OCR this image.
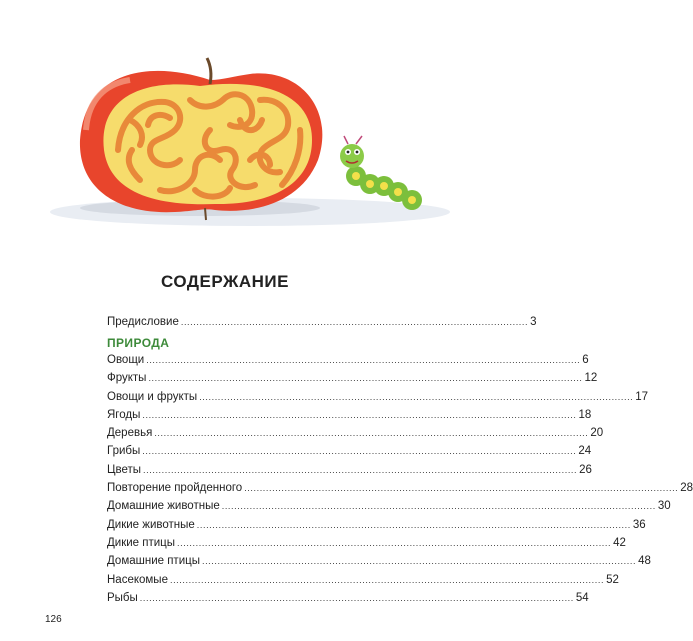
СОДЕРЖАНИЕ
Предисловие ................................................................................................................ 3
ПРИРОДА
Овощи ............................................................................................................................................ 6
Фрукты ............................................................................................................................................ 12
Овощи и фрукты ............................................................................................................................................ 17
Ягоды ............................................................................................................................................ 18
Деревья ............................................................................................................................................ 20
Грибы ............................................................................................................................................ 24
Цветы ............................................................................................................................................ 26
Повторение пройденного ............................................................................................................................................ 28
Домашние животные ............................................................................................................................................ 30
Дикие животные ............................................................................................................................................ 36
Дикие птицы ............................................................................................................................................ 42
Домашние птицы ............................................................................................................................................ 48
Насекомые ............................................................................................................................................ 52
Рыбы ............................................................................................................................................ 54
126
